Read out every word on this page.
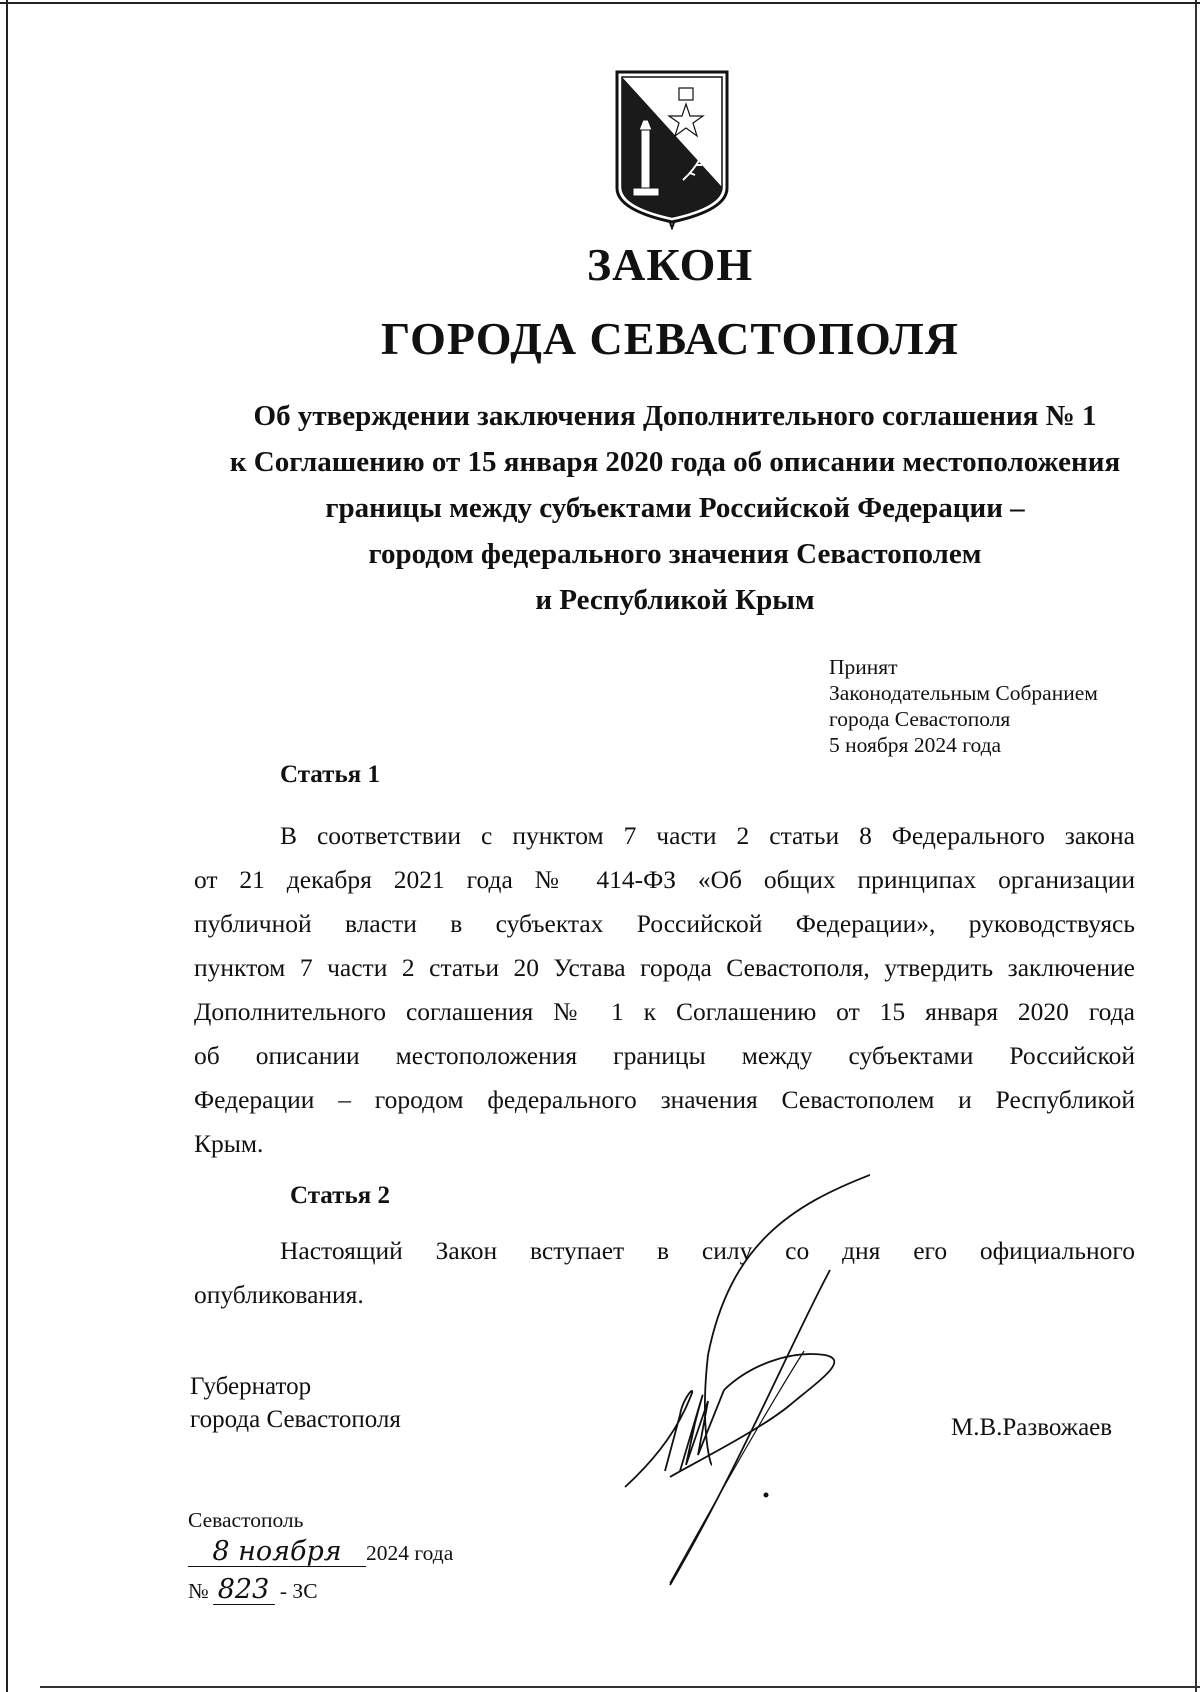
ЗАКОН
ГОРОДА СЕВАСТОПОЛЯ
Об утверждении заключения Дополнительного соглашения № 1
к Соглашению от 15 января 2020 года об описании местоположения
границы между субъектами Российской Федерации –
городом федерального значения Севастополем
и Республикой Крым
Принят
Законодательным Собранием
города Севастополя
5 ноября 2024 года
Статья 1
В соответствии с пунктом 7 части 2 статьи 8 Федерального закона
от 21 декабря 2021 года № 414-ФЗ «Об общих принципах организации
публичной власти в субъектах Российской Федерации», руководствуясь
пунктом 7 части 2 статьи 20 Устава города Севастополя, утвердить заключение
Дополнительного соглашения № 1 к Соглашению от 15 января 2020 года
об описании местоположения границы между субъектами Российской
Федерации – городом федерального значения Севастополем и Республикой
Крым.
Статья 2
Настоящий Закон вступает в силу со дня его официального
опубликования.
Губернатор
города Севастополя	М.В.Развожаев
Севастополь
8 ноября 2024 года
№ 823 - ЗС
